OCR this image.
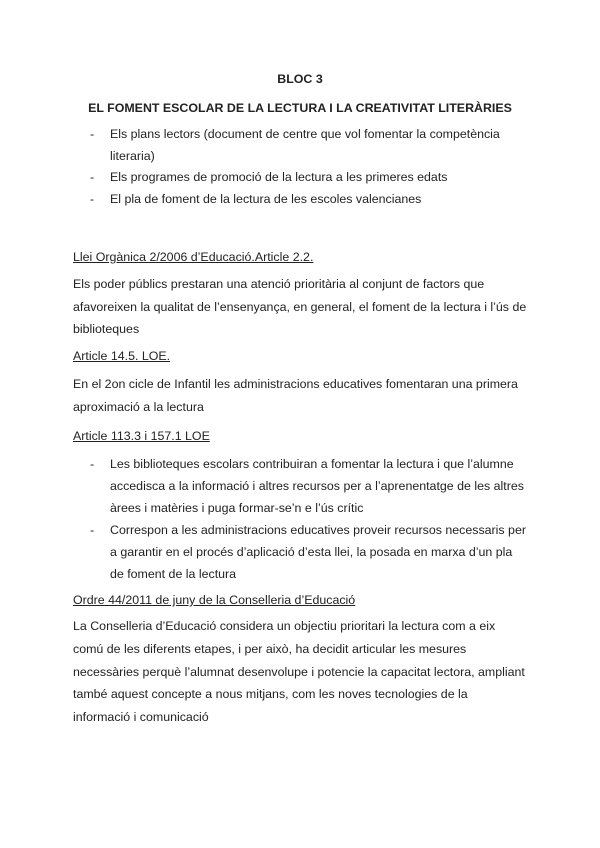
BLOC 3
EL FOMENT ESCOLAR DE LA LECTURA I LA CREATIVITAT LITERÀRIES
- Els plans lectors (document de centre que vol fomentar la competència literaria)
- Els programes de promoció de la lectura a les primeres edats
- El pla de foment de la lectura de les escoles valencianes

Llei Orgànica 2/2006 d’Educació.Article 2.2.

Els poder públics prestaran una atenció prioritària al conjunt de factors que afavoreixen la qualitat de l’ensenyança, en general, el foment de la lectura i l’ús de biblioteques

Article 14.5. LOE.

En el 2on cicle de Infantil les administracions educatives fomentaran una primera aproximació a la lectura

Article 113.3 i 157.1 LOE

- Les biblioteques escolars contribuiran a fomentar la lectura i que l’alumne accedisca a la informació i altres recursos per a l’aprenentatge de les altres àrees i matèries i puga formar-se’n e l’ús crític
- Correspon a les administracions educatives proveir recursos necessaris per a garantir en el procés d’aplicació d’esta llei, la posada en marxa d’un pla de foment de la lectura

Ordre 44/2011 de juny de la Conselleria d’Educació

La Conselleria d’Educació considera un objectiu prioritari la lectura com a eix comú de les diferents etapes, i per això, ha decidit articular les mesures necessàries perquè l’alumnat desenvolupe i potencie la capacitat lectora, ampliant també aquest concepte a nous mitjans, com les noves tecnologies de la informació i comunicació
